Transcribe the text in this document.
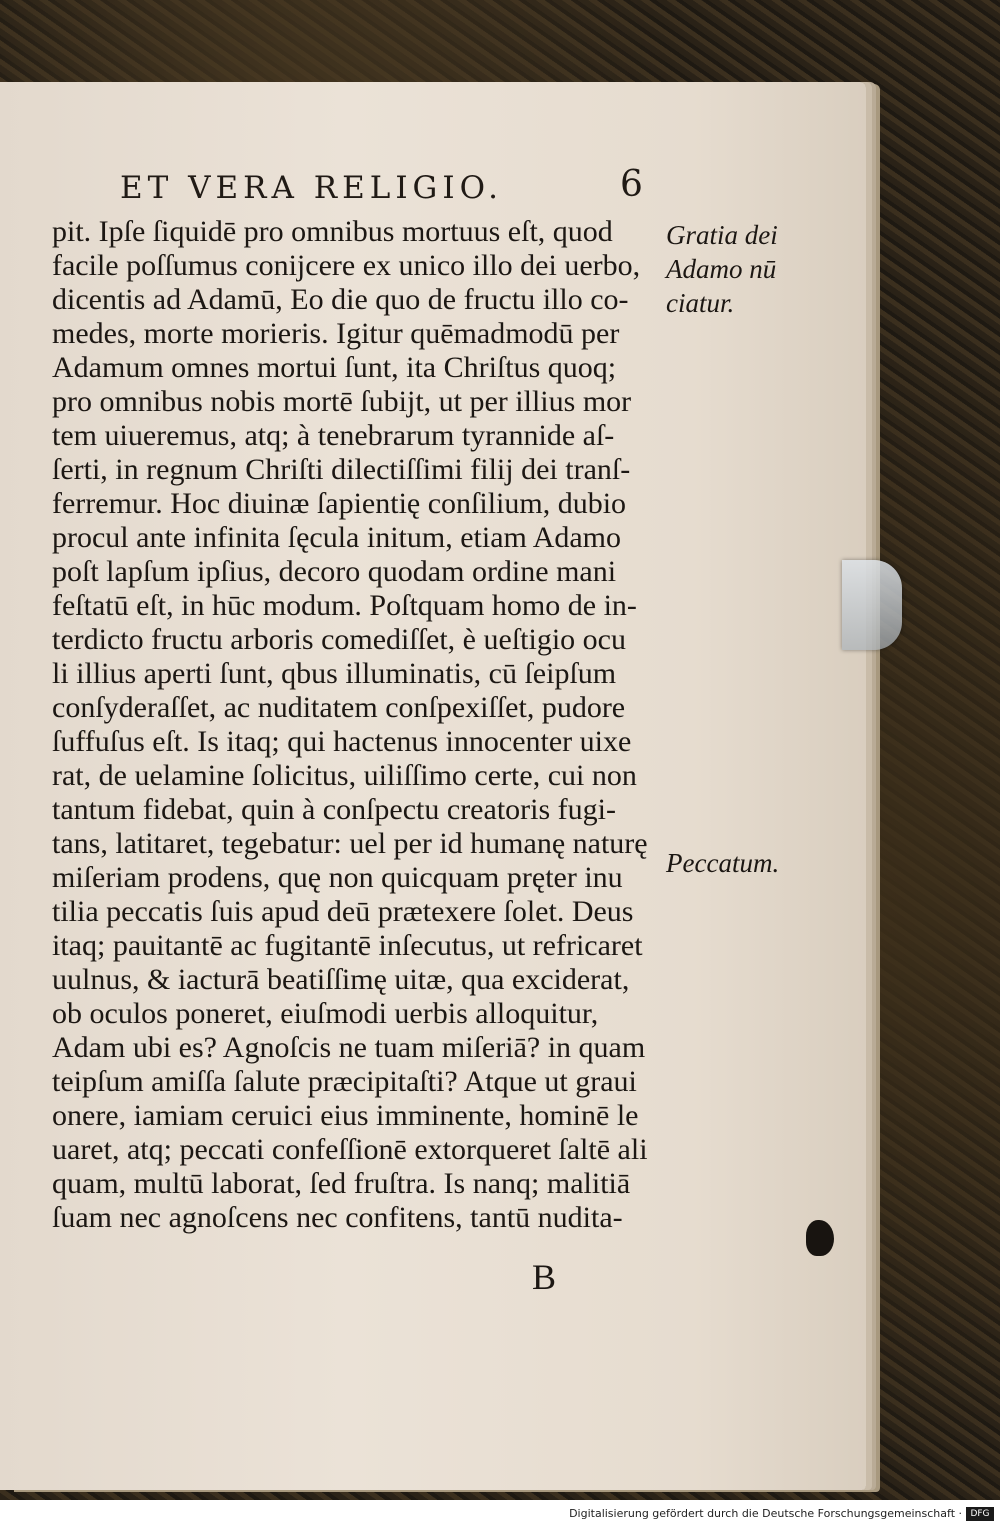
ET VERA RELIGIO.	6
pit. Ipſe ſiquidē pro omnibus mortuus eſt, quod
facile poſſumus conijcere ex unico illo dei uerbo,
dicentis ad Adamū, Eo die quo de fructu illo co-
medes, morte morieris. Igitur quēmadmodū per
Adamum omnes mortui ſunt, ita Chriſtus quoq;
pro omnibus nobis mortē ſubijt, ut per illius mor
tem uiueremus, atq; à tenebrarum tyrannide aſ-
ſerti, in regnum Chriſti dilectiſſimi filij dei tranſ-
ferremur. Hoc diuinæ ſapientię conſilium, dubio
procul ante infinita ſęcula initum, etiam Adamo
poſt lapſum ipſius, decoro quodam ordine mani
feſtatū eſt, in hūc modum. Poſtquam homo de in-
terdicto fructu arboris comediſſet, è ueſtigio ocu
li illius aperti ſunt, qbus illuminatis, cū ſeipſum
conſyderaſſet, ac nuditatem conſpexiſſet, pudore
ſuffuſus eſt. Is itaq; qui hactenus innocenter uixe
rat, de uelamine ſolicitus, uiliſſimo certe, cui non
tantum fidebat, quin à conſpectu creatoris fugi-
tans, latitaret, tegebatur: uel per id humanę naturę
miſeriam prodens, quę non quicquam pręter inu
tilia peccatis ſuis apud deū prætexere ſolet. Deus
itaq; pauitantē ac fugitantē inſecutus, ut refricaret
uulnus, & iacturā beatiſſimę uitæ, qua exciderat,
ob oculos poneret, eiuſmodi uerbis alloquitur,
Adam ubi es? Agnoſcis ne tuam miſeriā? in quam
teipſum amiſſa ſalute præcipitaſti? Atque ut graui
onere, iamiam ceruici eius imminente, hominē le
uaret, atq; peccati confeſſionē extorqueret ſaltē ali
quam, multū laborat, ſed fruſtra. Is nanq; malitiā
ſuam nec agnoſcens nec confitens, tantū nudita-
Gratia dei
Adamo nū
ciatur.
Peccatum.
B
Digitalisierung gefördert durch die Deutsche Forschungsgemeinschaft · DFG
